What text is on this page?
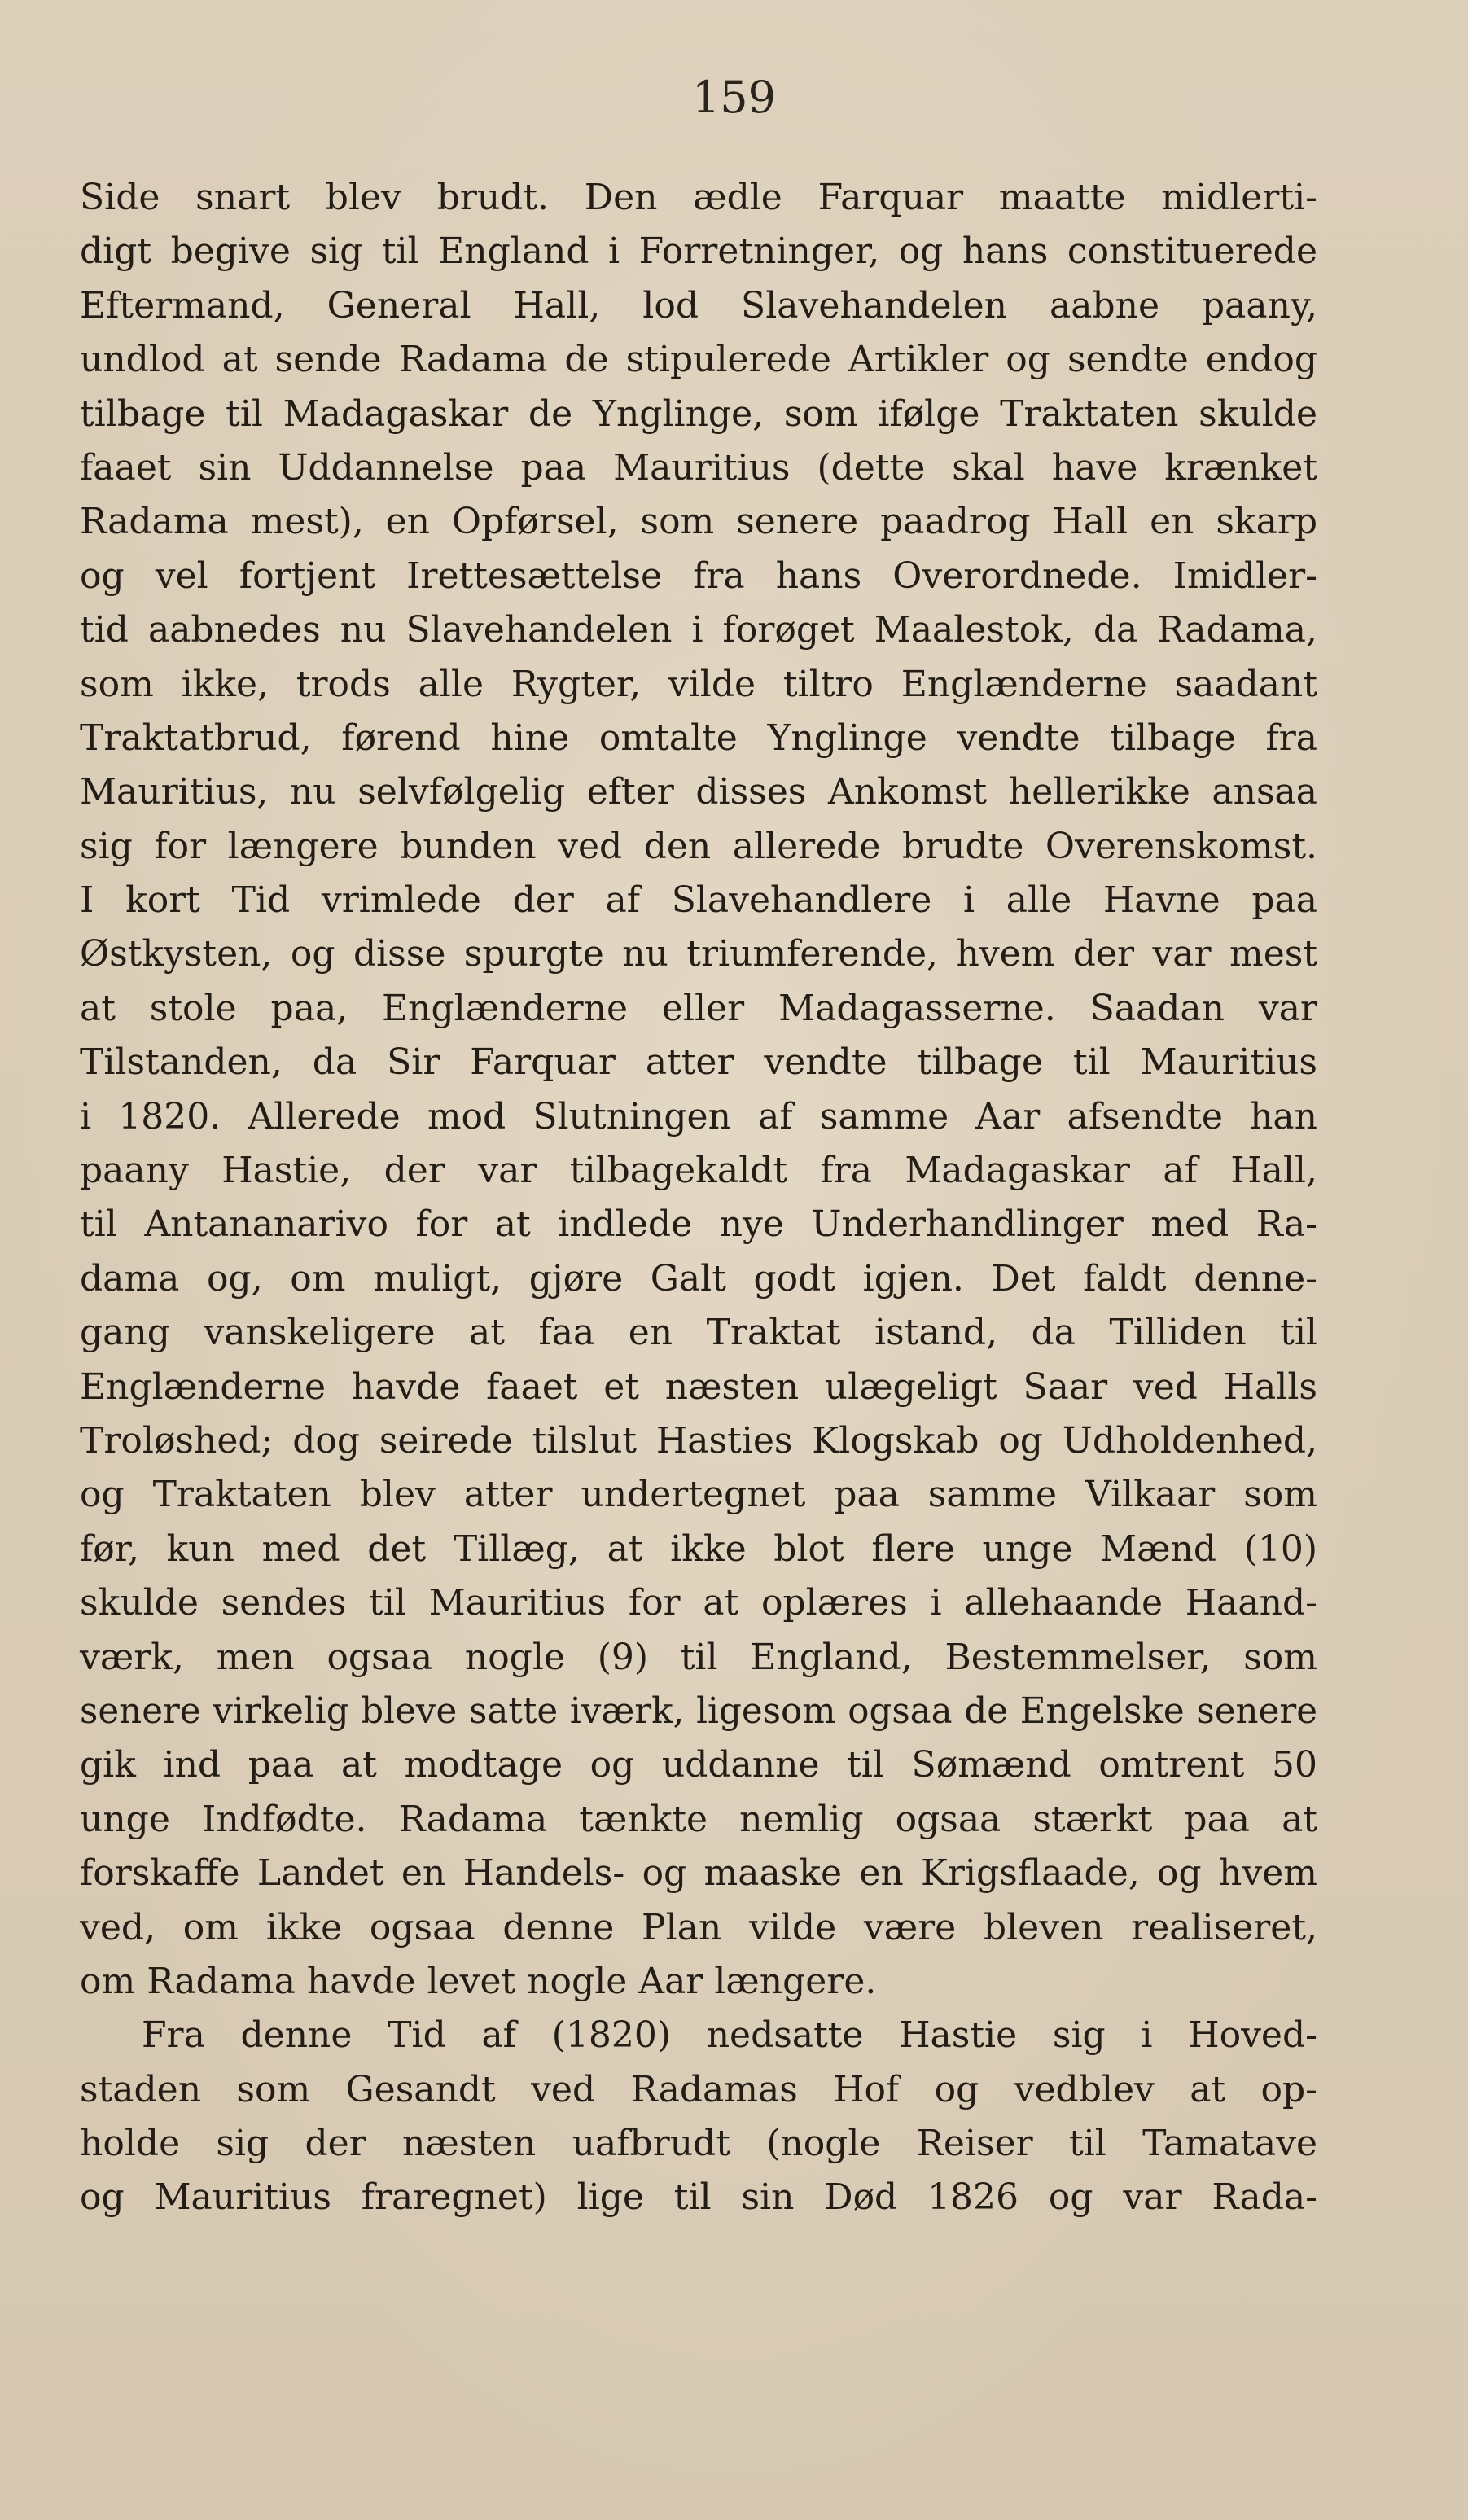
159
Side snart blev brudt. Den ædle Farquar maatte midlerti-
digt begive sig til England i Forretninger, og hans constituerede
Eftermand, General Hall, lod Slavehandelen aabne paany,
undlod at sende Radama de stipulerede Artikler og sendte endog
tilbage til Madagaskar de Ynglinge, som ifølge Traktaten skulde
faaet sin Uddannelse paa Mauritius (dette skal have krænket
Radama mest), en Opførsel, som senere paadrog Hall en skarp
og vel fortjent Irettesættelse fra hans Overordnede. Imidler-
tid aabnedes nu Slavehandelen i forøget Maalestok, da Radama,
som ikke, trods alle Rygter, vilde tiltro Englænderne saadant
Traktatbrud, førend hine omtalte Ynglinge vendte tilbage fra
Mauritius, nu selvfølgelig efter disses Ankomst hellerikke ansaa
sig for længere bunden ved den allerede brudte Overenskomst.
I kort Tid vrimlede der af Slavehandlere i alle Havne paa
Østkysten, og disse spurgte nu triumferende, hvem der var mest
at stole paa, Englænderne eller Madagasserne. Saadan var
Tilstanden, da Sir Farquar atter vendte tilbage til Mauritius
i 1820. Allerede mod Slutningen af samme Aar afsendte han
paany Hastie, der var tilbagekaldt fra Madagaskar af Hall,
til Antananarivo for at indlede nye Underhandlinger med Ra-
dama og, om muligt, gjøre Galt godt igjen. Det faldt denne-
gang vanskeligere at faa en Traktat istand, da Tilliden til
Englænderne havde faaet et næsten ulægeligt Saar ved Halls
Troløshed; dog seirede tilslut Hasties Klogskab og Udholdenhed,
og Traktaten blev atter undertegnet paa samme Vilkaar som
før, kun med det Tillæg, at ikke blot flere unge Mænd (10)
skulde sendes til Mauritius for at oplæres i allehaande Haand-
værk, men ogsaa nogle (9) til England, Bestemmelser, som
senere virkelig bleve satte iværk, ligesom ogsaa de Engelske senere
gik ind paa at modtage og uddanne til Sømænd omtrent 50
unge Indfødte. Radama tænkte nemlig ogsaa stærkt paa at
forskaffe Landet en Handels- og maaske en Krigsflaade, og hvem
ved, om ikke ogsaa denne Plan vilde være bleven realiseret,
om Radama havde levet nogle Aar længere.
Fra denne Tid af (1820) nedsatte Hastie sig i Hoved-
staden som Gesandt ved Radamas Hof og vedblev at op-
holde sig der næsten uafbrudt (nogle Reiser til Tamatave
og Mauritius fraregnet) lige til sin Død 1826 og var Rada-
